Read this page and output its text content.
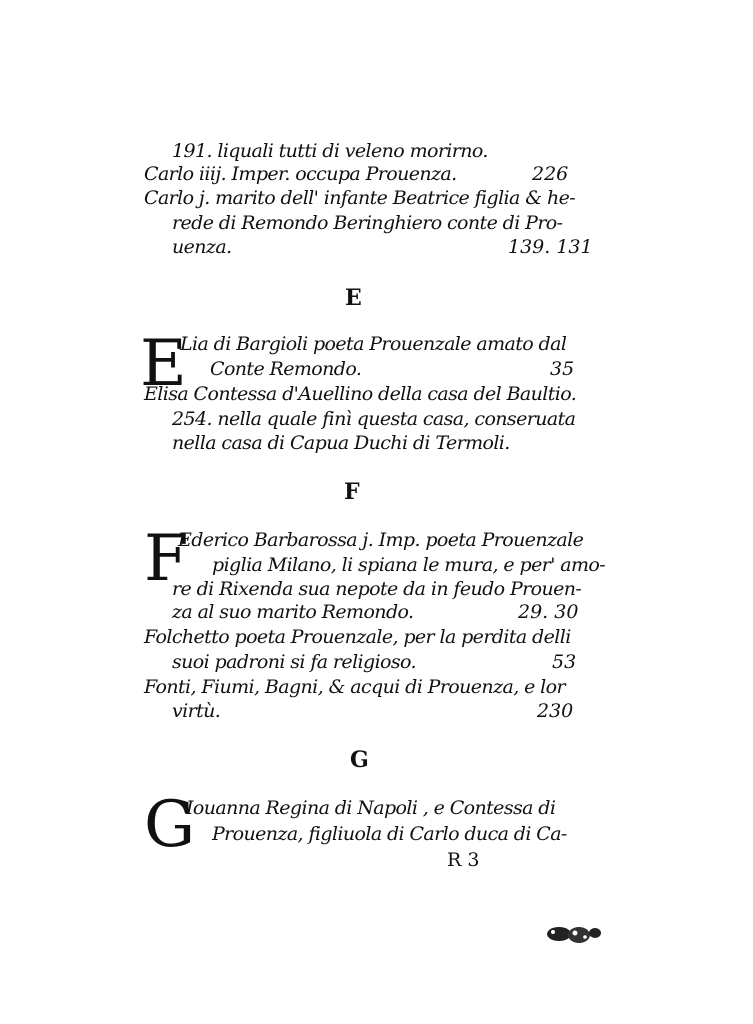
191. liquali tutti di veleno morirno.
Carlo iiij. Imper. occupa Prouenza.	226
Carlo j. marito dell' infante Beatrice figlia & he-
rede di Remondo Beringhiero conte di Pro-
uenza.	139. 131
E
E
Lia di Bargioli poeta Prouenzale amato dal
Conte Remondo.	35
Elisa Contessa d'Auellino della casa del Baultio.
254. nella quale finì questa casa, conseruata
nella casa di Capua Duchi di Termoli.
F
F
Ederico Barbarossa j. Imp. poeta Prouenzale
piglia Milano, li spiana le mura, e per' amo-
re di Rixenda sua nepote da in feudo Prouen-
za al suo marito Remondo.	29. 30
Folchetto poeta Prouenzale, per la perdita delli
suoi padroni si fa religioso.	53
Fonti, Fiumi, Bagni, & acqui di Prouenza, e lor
virtù.	230
G
G
Iouanna Regina di Napoli , e Contessa di
Prouenza, figliuola di Carlo duca di Ca-
R 3
